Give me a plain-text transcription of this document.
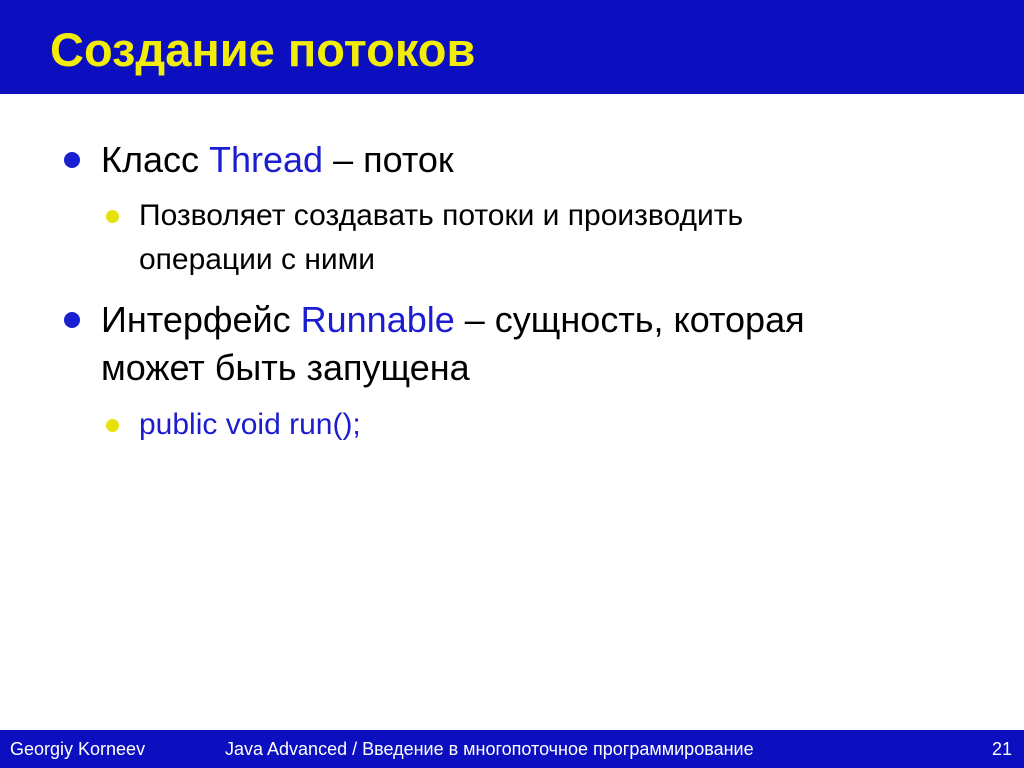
Создание потоков
Класс Thread – поток
Позволяет создавать потоки и производить
операции с ними
Интерфейс Runnable – сущность, которая
может быть запущена
public void run();
Georgiy Korneev	Java Advanced / Введение в многопоточное программирование	21
